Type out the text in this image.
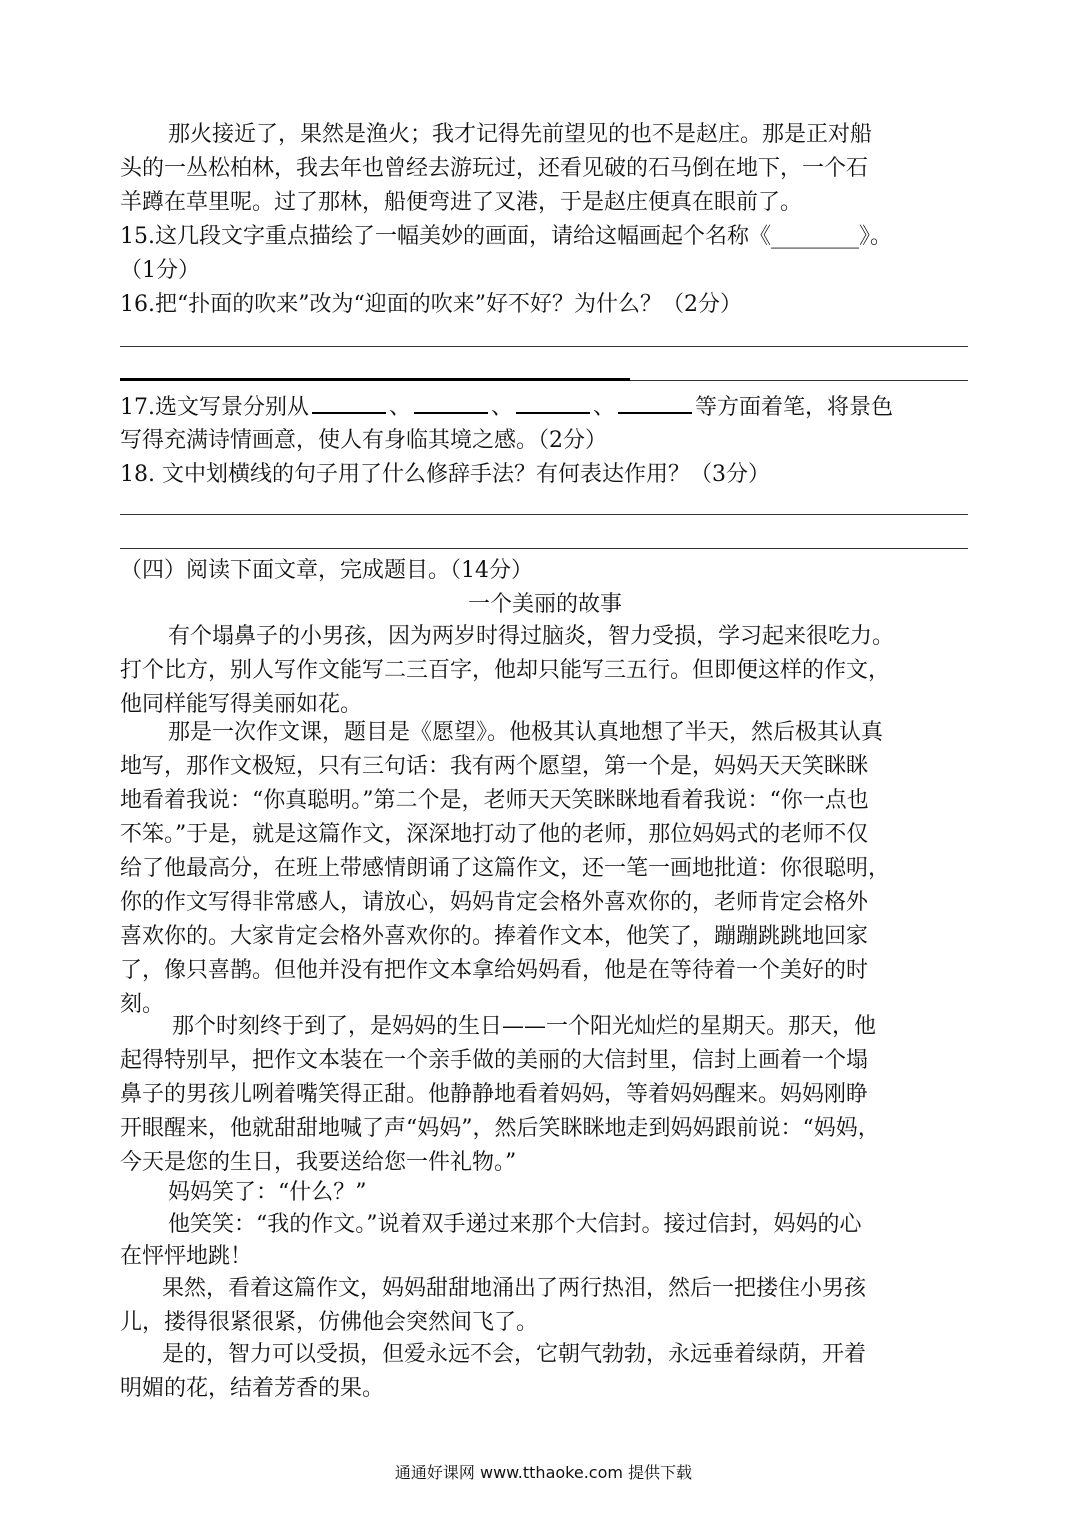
那火接近了，果然是渔火；我才记得先前望见的也不是赵庄。那是正对船
头的一丛松柏林，我去年也曾经去游玩过，还看见破的石马倒在地下，一个石
羊蹲在草里呢。过了那林，船便弯进了叉港，于是赵庄便真在眼前了。
15.这几段文字重点描绘了一幅美妙的画面，请给这幅画起个名称《________》。
（1分）
16.把“扑面的吹来”改为“迎面的吹来”好不好？为什么？（2分）
17.选文写景分别从	、	、	、	等方面着笔，将景色
写得充满诗情画意，使人有身临其境之感。（2分）
18. 文中划横线的句子用了什么修辞手法？有何表达作用？（3分）
（四）阅读下面文章，完成题目。（14分）
一个美丽的故事
有个塌鼻子的小男孩，因为两岁时得过脑炎，智力受损，学习起来很吃力。
打个比方，别人写作文能写二三百字，他却只能写三五行。但即便这样的作文，
他同样能写得美丽如花。
那是一次作文课，题目是《愿望》。他极其认真地想了半天，然后极其认真
地写，那作文极短，只有三句话：我有两个愿望，第一个是，妈妈天天笑眯眯
地看着我说：“你真聪明。”第二个是，老师天天笑眯眯地看着我说：“你一点也
不笨。”于是，就是这篇作文，深深地打动了他的老师，那位妈妈式的老师不仅
给了他最高分，在班上带感情朗诵了这篇作文，还一笔一画地批道：你很聪明，
你的作文写得非常感人，请放心，妈妈肯定会格外喜欢你的，老师肯定会格外
喜欢你的。大家肯定会格外喜欢你的。捧着作文本，他笑了，蹦蹦跳跳地回家
了，像只喜鹊。但他并没有把作文本拿给妈妈看，他是在等待着一个美好的时
刻。
那个时刻终于到了，是妈妈的生日——一个阳光灿烂的星期天。那天，他
起得特别早，把作文本装在一个亲手做的美丽的大信封里，信封上画着一个塌
鼻子的男孩儿咧着嘴笑得正甜。他静静地看着妈妈，等着妈妈醒来。妈妈刚睁
开眼醒来，他就甜甜地喊了声“妈妈”，然后笑眯眯地走到妈妈跟前说：“妈妈，
今天是您的生日，我要送给您一件礼物。”
妈妈笑了：“什么？”
他笑笑：“我的作文。”说着双手递过来那个大信封。接过信封，妈妈的心
在怦怦地跳！
果然，看着这篇作文，妈妈甜甜地涌出了两行热泪，然后一把搂住小男孩
儿，搂得很紧很紧，仿佛他会突然间飞了。
是的，智力可以受损，但爱永远不会，它朝气勃勃，永远垂着绿荫，开着
明媚的花，结着芳香的果。
通通好课网 www.tthaoke.com 提供下载
